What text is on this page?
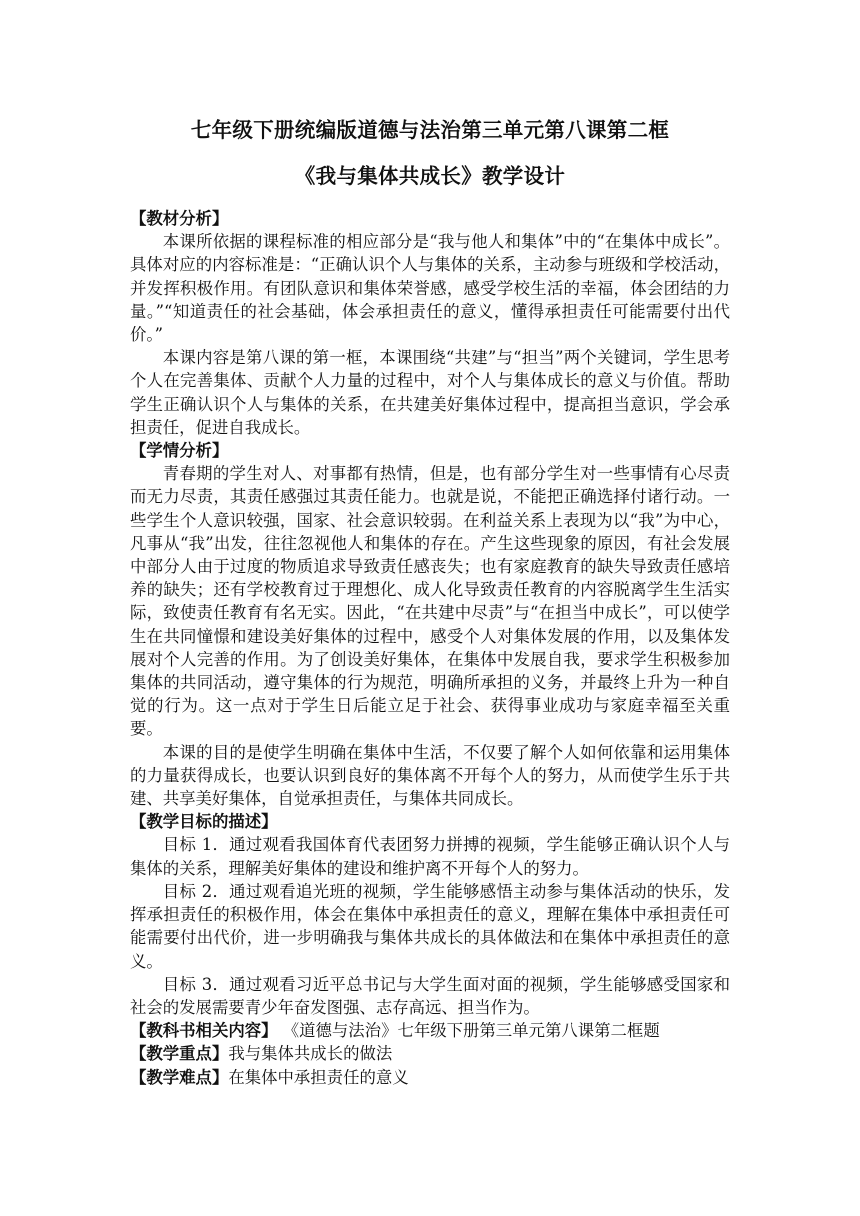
七年级下册统编版道德与法治第三单元第八课第二框
《我与集体共成长》教学设计

【教材分析】

本课所依据的课程标准的相应部分是“我与他人和集体”中的“在集体中成长”。具体对应的内容标准是：“正确认识个人与集体的关系，主动参与班级和学校活动，并发挥积极作用。有团队意识和集体荣誉感，感受学校生活的幸福，体会团结的力量。”“知道责任的社会基础，体会承担责任的意义，懂得承担责任可能需要付出代价。”

本课内容是第八课的第一框，本课围绕“共建”与“担当”两个关键词，学生思考个人在完善集体、贡献个人力量的过程中，对个人与集体成长的意义与价值。帮助学生正确认识个人与集体的关系，在共建美好集体过程中，提高担当意识，学会承担责任，促进自我成长。

【学情分析】

青春期的学生对人、对事都有热情，但是，也有部分学生对一些事情有心尽责而无力尽责，其责任感强过其责任能力。也就是说，不能把正确选择付诸行动。一些学生个人意识较强，国家、社会意识较弱。在利益关系上表现为以“我”为中心，凡事从“我”出发，往往忽视他人和集体的存在。产生这些现象的原因，有社会发展中部分人由于过度的物质追求导致责任感丧失；也有家庭教育的缺失导致责任感培养的缺失；还有学校教育过于理想化、成人化导致责任教育的内容脱离学生生活实际，致使责任教育有名无实。因此，“在共建中尽责”与“在担当中成长”，可以使学生在共同憧憬和建设美好集体的过程中，感受个人对集体发展的作用，以及集体发展对个人完善的作用。为了创设美好集体，在集体中发展自我，要求学生积极参加集体的共同活动，遵守集体的行为规范，明确所承担的义务，并最终上升为一种自觉的行为。这一点对于学生日后能立足于社会、获得事业成功与家庭幸福至关重要。

本课的目的是使学生明确在集体中生活，不仅要了解个人如何依靠和运用集体的力量获得成长，也要认识到良好的集体离不开每个人的努力，从而使学生乐于共建、共享美好集体，自觉承担责任，与集体共同成长。

【教学目标的描述】

目标 1．通过观看我国体育代表团努力拼搏的视频，学生能够正确认识个人与集体的关系，理解美好集体的建设和维护离不开每个人的努力。

目标 2．通过观看追光班的视频，学生能够感悟主动参与集体活动的快乐，发挥承担责任的积极作用，体会在集体中承担责任的意义，理解在集体中承担责任可能需要付出代价，进一步明确我与集体共成长的具体做法和在集体中承担责任的意义。

目标 3．通过观看习近平总书记与大学生面对面的视频，学生能够感受国家和社会的发展需要青少年奋发图强、志存高远、担当作为。

【教科书相关内容】 《道德与法治》七年级下册第三单元第八课第二框题

【教学重点】我与集体共成长的做法

【教学难点】在集体中承担责任的意义
